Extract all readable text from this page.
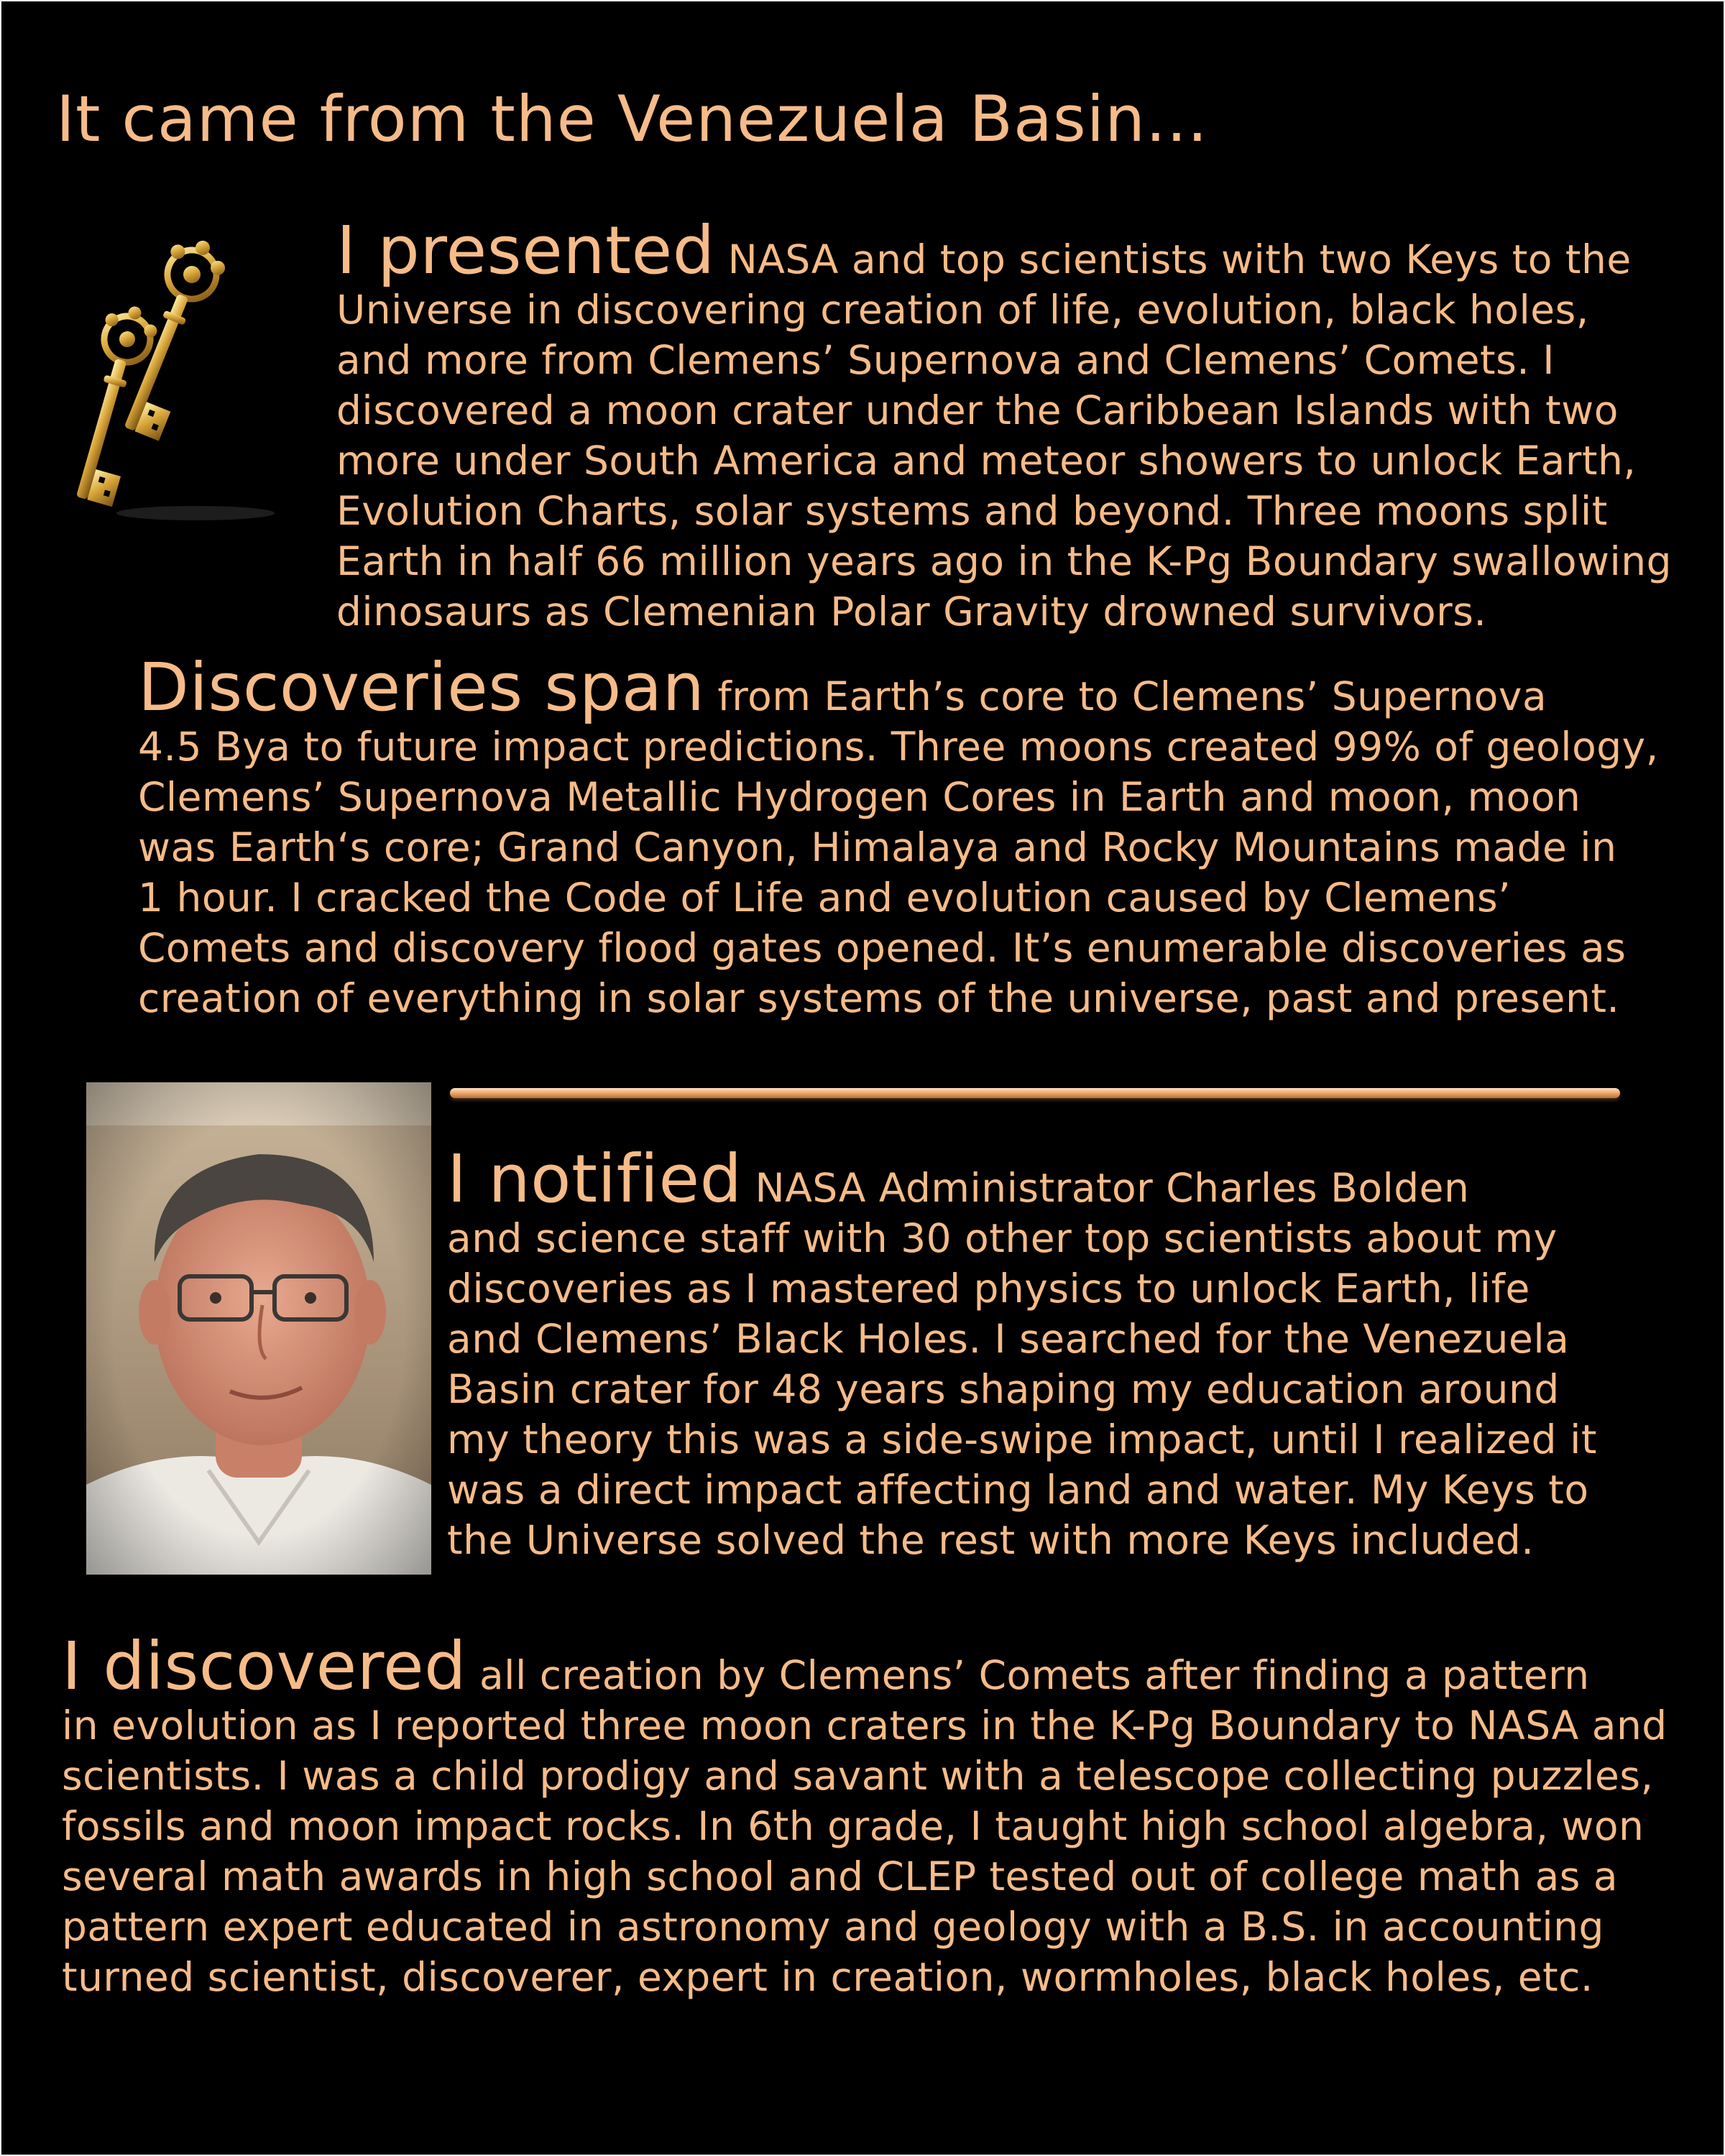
It came from the Venezuela Basin...

I presented NASA and top scientists with two Keys to the
Universe in discovering creation of life, evolution, black holes,
and more from Clemens’ Supernova and Clemens’ Comets. I
discovered a moon crater under the Caribbean Islands with two
more under South America and meteor showers to unlock Earth,
Evolution Charts, solar systems and beyond. Three moons split
Earth in half 66 million years ago in the K-Pg Boundary swallowing
dinosaurs as Clemenian Polar Gravity drowned survivors.

Discoveries span from Earth’s core to Clemens’ Supernova
4.5 Bya to future impact predictions. Three moons created 99% of geology,
Clemens’ Supernova Metallic Hydrogen Cores in Earth and moon, moon
was Earth‘s core; Grand Canyon, Himalaya and Rocky Mountains made in
1 hour. I cracked the Code of Life and evolution caused by Clemens’
Comets and discovery flood gates opened. It’s enumerable discoveries as
creation of everything in solar systems of the universe, past and present.

I notified NASA Administrator Charles Bolden
and science staff with 30 other top scientists about my
discoveries as I mastered physics to unlock Earth, life
and Clemens’ Black Holes. I searched for the Venezuela
Basin crater for 48 years shaping my education around
my theory this was a side-swipe impact, until I realized it
was a direct impact affecting land and water. My Keys to
the Universe solved the rest with more Keys included.

I discovered all creation by Clemens’ Comets after finding a pattern
in evolution as I reported three moon craters in the K-Pg Boundary to NASA and
scientists. I was a child prodigy and savant with a telescope collecting puzzles,
fossils and moon impact rocks. In 6th grade, I taught high school algebra, won
several math awards in high school and CLEP tested out of college math as a
pattern expert educated in astronomy and geology with a B.S. in accounting
turned scientist, discoverer, expert in creation, wormholes, black holes, etc.
